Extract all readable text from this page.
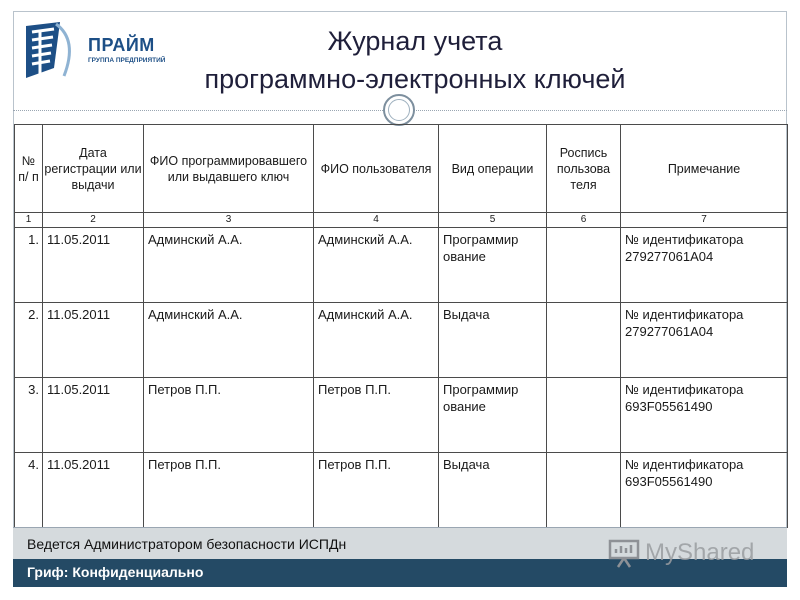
ПРАЙМ
ГРУППА ПРЕДПРИЯТИЙ
Журнал учета
программно-электронных ключей
№ п/ п	Дата регистрации или выдачи	ФИО программировавшего или выдавшего ключ	ФИО пользователя	Вид операции	Роспись пользова теля	Примечание
1	2	3	4	5	6	7
1.	11.05.2011	Админский А.А.	Админский А.А.	Программир ование		№ идентификатора
279277061А04

2.	11.05.2011	Админский А.А.	Админский А.А.	Выдача		№ идентификатора
279277061А04

3.	11.05.2011	Петров П.П.	Петров П.П.	Программир ование		№ идентификатора
693F05561490

4.	11.05.2011	Петров П.П.	Петров П.П.	Выдача		№ идентификатора
693F05561490
Ведется Администратором безопасности ИСПДн
Гриф: Конфиденциально
MyShared
